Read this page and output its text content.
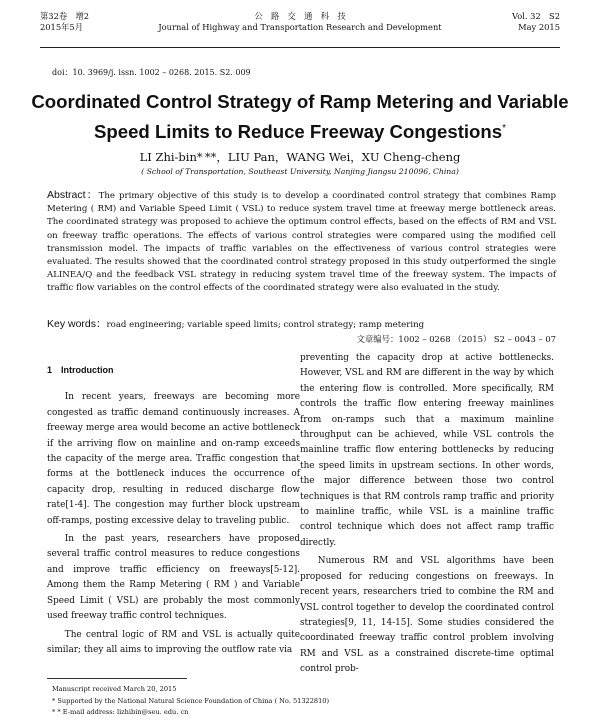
第32卷　增2
2015年5月
公　路　交　通　科　技
Journal of Highway and Transportation Research and Development
Vol. 32　S2
May 2015
doi：10. 3969/j. issn. 1002 – 0268. 2015. S2. 009
Coordinated Control Strategy of Ramp Metering and Variable Speed Limits to Reduce Freeway Congestions*
LI Zhi-bin* **，LIU Pan，WANG Wei，XU Cheng-cheng
( School of Transportation, Southeast University, Nanjing Jiangsu 210096, China)
Abstract：The primary objective of this study is to develop a coordinated control strategy that combines Ramp Metering ( RM) and Variable Speed Limit ( VSL) to reduce system travel time at freeway merge bottleneck areas. The coordinated strategy was proposed to achieve the optimum control effects, based on the effects of RM and VSL on freeway traffic operations. The effects of various control strategies were compared using the modified cell transmission model. The impacts of traffic variables on the effectiveness of various control strategies were evaluated. The results showed that the coordinated control strategy proposed in this study outperformed the single ALINEA/Q and the feedback VSL strategy in reducing system travel time of the freeway system. The impacts of traffic flow variables on the control effects of the coordinated strategy were also evaluated in the study.
Key words：road engineering; variable speed limits; control strategy; ramp metering
文章编号：1002 – 0268 （2015） S2 – 0043 – 07
1　Introduction

In recent years, freeways are becoming more congested as traffic demand continuously increases. A freeway merge area would become an active bottleneck if the arriving flow on mainline and on-ramp exceeds the capacity of the merge area. Traffic congestion that forms at the bottleneck induces the occurrence of capacity drop, resulting in reduced discharge flow rate[1-4]. The congestion may further block upstream off-ramps, posting excessive delay to traveling public.

In the past years, researchers have proposed several traffic control measures to reduce congestions and improve traffic efficiency on freeways[5-12]. Among them the Ramp Metering ( RM ) and Variable Speed Limit ( VSL) are probably the most commonly used freeway traffic control techniques.

The central logic of RM and VSL is actually quite similar; they all aims to improving the outflow rate via

preventing the capacity drop at active bottlenecks. However, VSL and RM are different in the way by which the entering flow is controlled. More specifically, RM controls the traffic flow entering freeway mainlines from on-ramps such that a maximum mainline throughput can be achieved, while VSL controls the mainline traffic flow entering bottlenecks by reducing the speed limits in upstream sections. In other words, the major difference between those two control techniques is that RM controls ramp traffic and priority to mainline traffic, while VSL is a mainline traffic control technique which does not affect ramp traffic directly.

Numerous RM and VSL algorithms have been proposed for reducing congestions on freeways. In recent years, researchers tried to combine the RM and VSL control together to develop the coordinated control strategies[9, 11, 14-15]. Some studies considered the coordinated freeway traffic control problem involving RM and VSL as a constrained discrete-time optimal control prob-

Manuscript received March 20, 2015
* Supported by the National Natural Science Foundation of China ( No. 51322810)
* * E-mail address: lizhibin@seu. edu. cn
